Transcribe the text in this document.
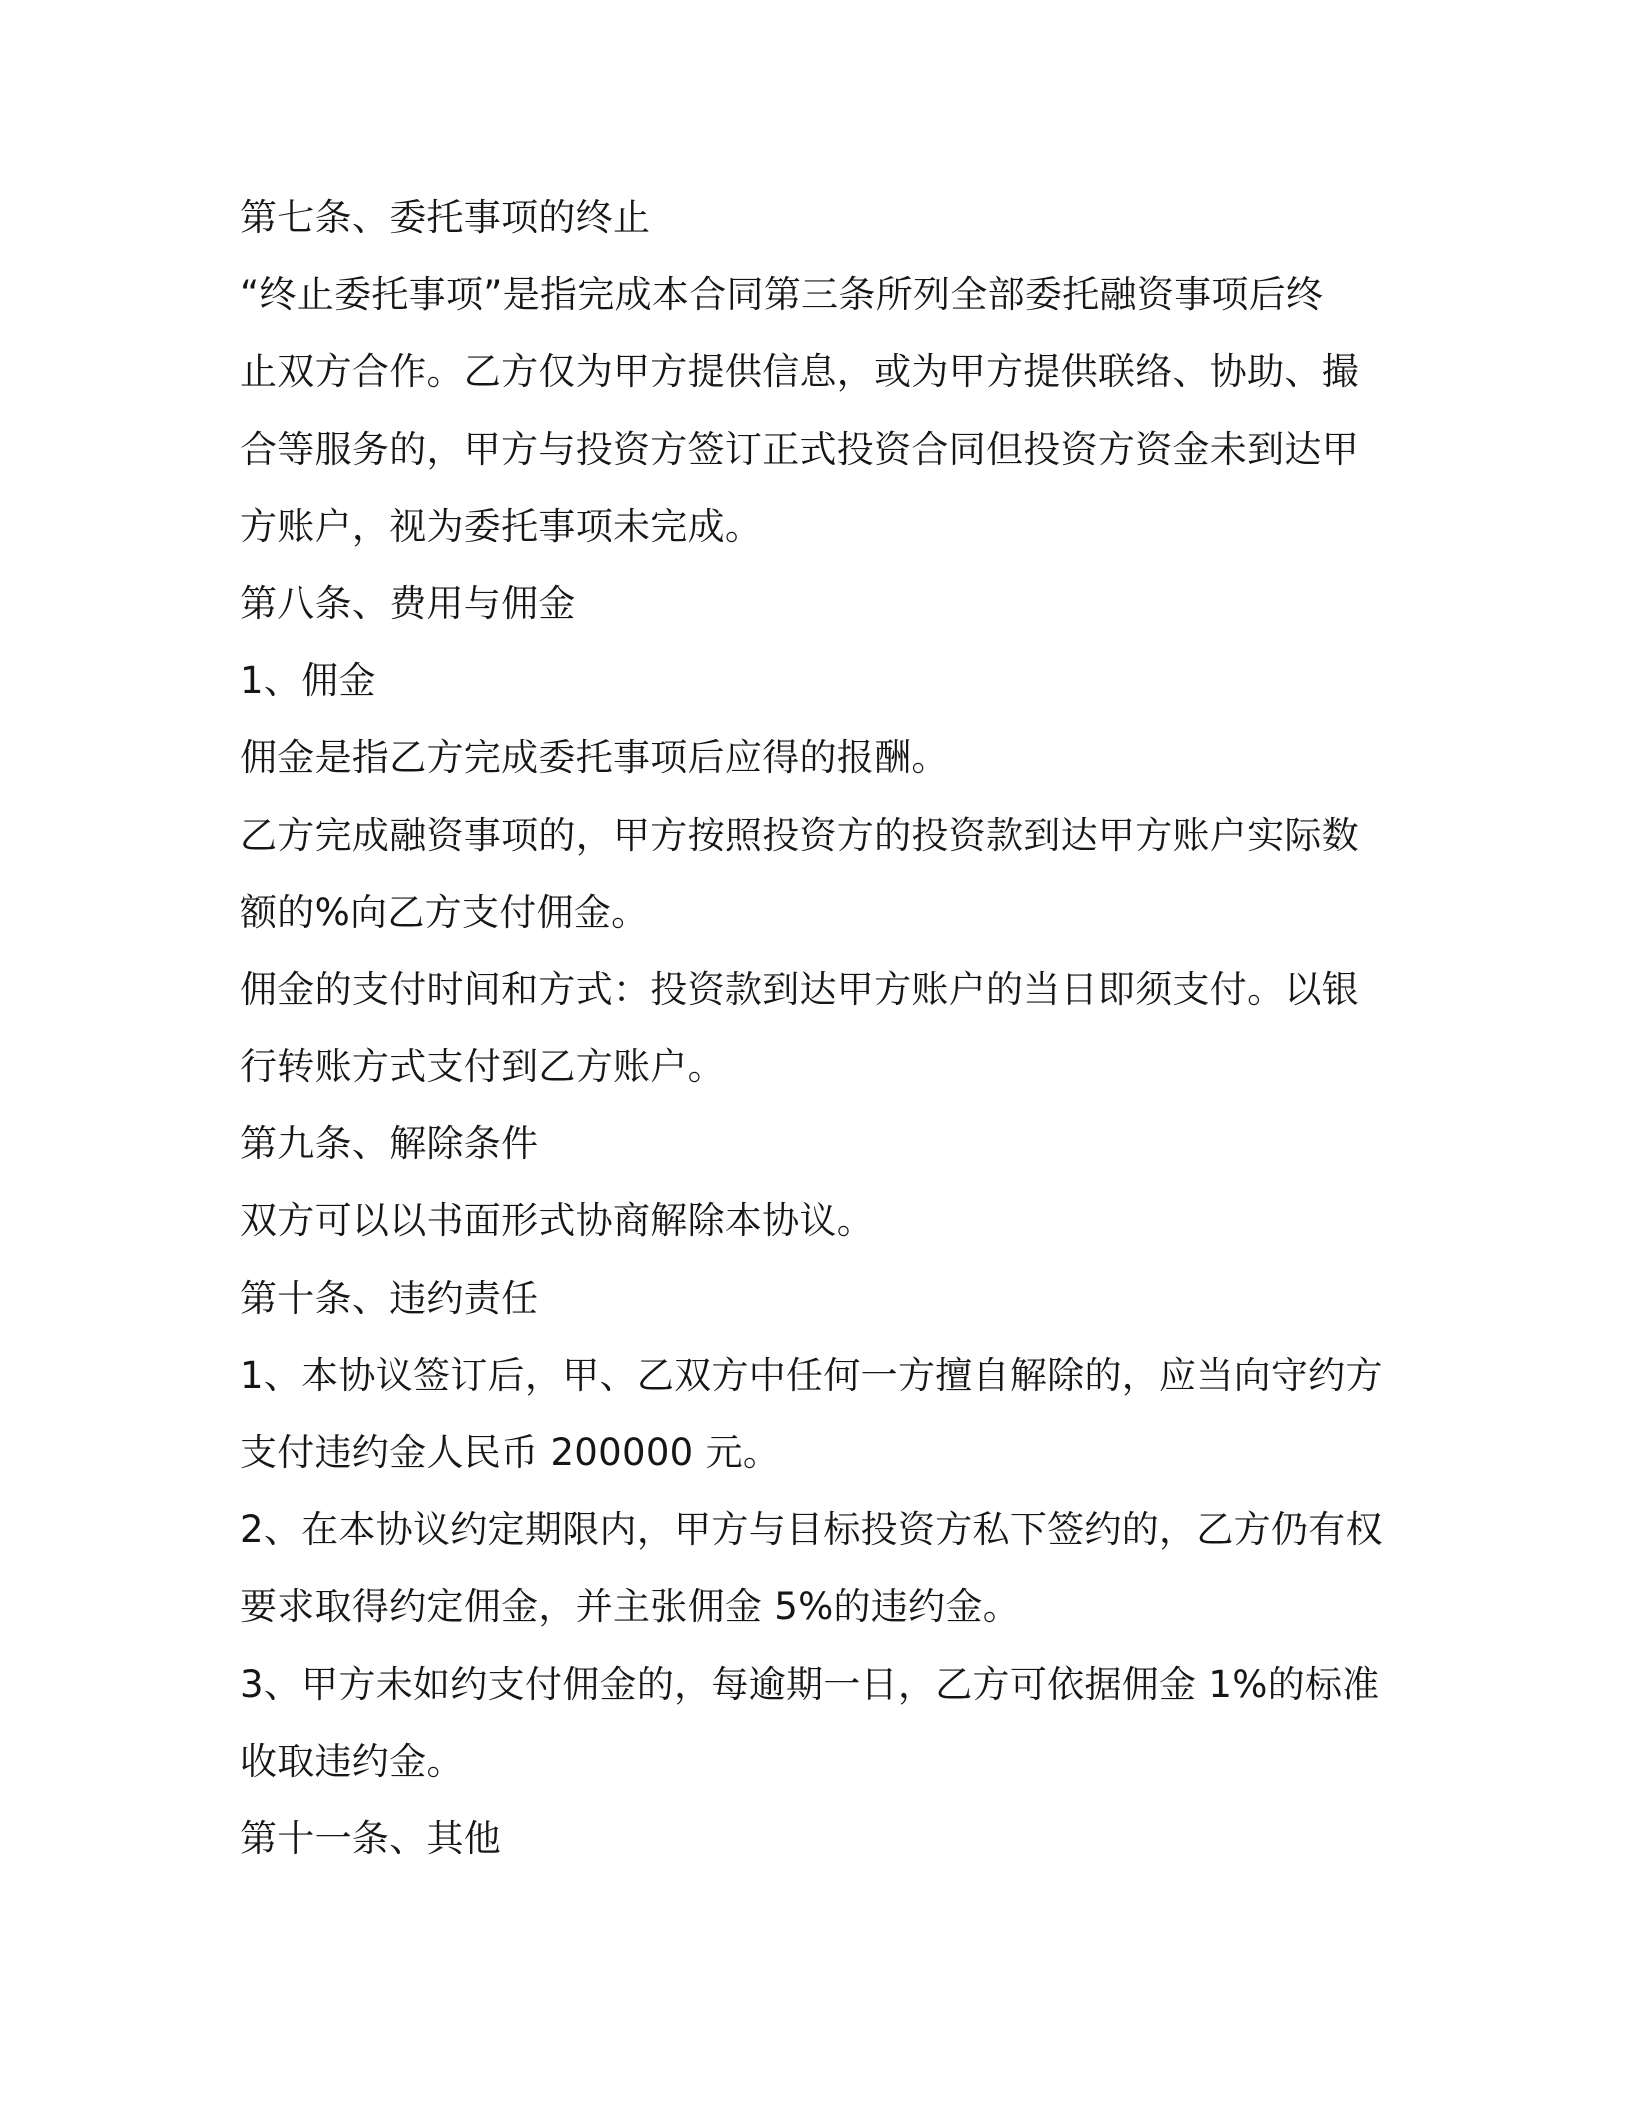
第七条、委托事项的终止
“终止委托事项”是指完成本合同第三条所列全部委托融资事项后终
止双方合作。乙方仅为甲方提供信息，或为甲方提供联络、协助、撮
合等服务的，甲方与投资方签订正式投资合同但投资方资金未到达甲
方账户，视为委托事项未完成。
第八条、费用与佣金
1、佣金
佣金是指乙方完成委托事项后应得的报酬。
乙方完成融资事项的，甲方按照投资方的投资款到达甲方账户实际数
额的%向乙方支付佣金。
佣金的支付时间和方式：投资款到达甲方账户的当日即须支付。以银
行转账方式支付到乙方账户。
第九条、解除条件
双方可以以书面形式协商解除本协议。
第十条、违约责任
1、本协议签订后，甲、乙双方中任何一方擅自解除的，应当向守约方
支付违约金人民币 200000 元。
2、在本协议约定期限内，甲方与目标投资方私下签约的，乙方仍有权
要求取得约定佣金，并主张佣金 5%的违约金。
3、甲方未如约支付佣金的，每逾期一日，乙方可依据佣金 1%的标准
收取违约金。
第十一条、其他
